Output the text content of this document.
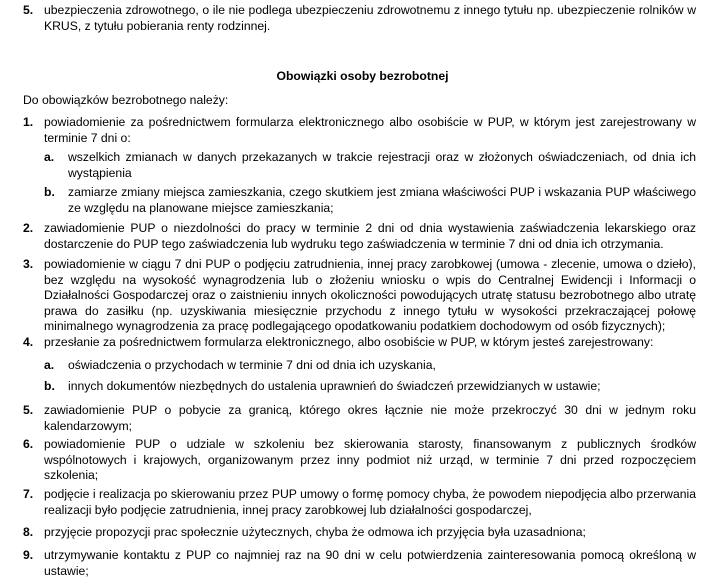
5. ubezpieczenia zdrowotnego, o ile nie podlega ubezpieczeniu zdrowotnemu z innego tytułu np. ubezpieczenie rolników w KRUS, z tytułu pobierania renty rodzinnej.
Obowiązki osoby bezrobotnej
Do obowiązków bezrobotnego należy:
1. powiadomienie za pośrednictwem formularza elektronicznego albo osobiście w PUP, w którym jest zarejestrowany w terminie 7 dni o:
a. wszelkich zmianach w danych przekazanych w trakcie rejestracji oraz w złożonych oświadczeniach, od dnia ich wystąpienia
b. zamiarze zmiany miejsca zamieszkania, czego skutkiem jest zmiana właściwości PUP i wskazania PUP właściwego ze względu na planowane miejsce zamieszkania;
2. zawiadomienie PUP o niezdolności do pracy w terminie 2 dni od dnia wystawienia zaświadczenia lekarskiego oraz dostarczenie do PUP tego zaświadczenia lub wydruku tego zaświadczenia w terminie 7 dni od dnia ich otrzymania.
3. powiadomienie w ciągu 7 dni PUP o podjęciu zatrudnienia, innej pracy zarobkowej (umowa - zlecenie, umowa o dzieło), bez względu na wysokość wynagrodzenia lub o złożeniu wniosku o wpis do Centralnej Ewidencji i Informacji o Działalności Gospodarczej oraz o zaistnieniu innych okoliczności powodujących utratę statusu bezrobotnego albo utratę prawa do zasiłku (np. uzyskiwania miesięcznie przychodu z innego tytułu w wysokości przekraczającej połowę minimalnego wynagrodzenia za pracę podlegającego opodatkowaniu podatkiem dochodowym od osób fizycznych);
4. przesłanie za pośrednictwem formularza elektronicznego, albo osobiście w PUP, w którym jesteś zarejestrowany:
a. oświadczenia o przychodach w terminie 7 dni od dnia ich uzyskania,
b. innych dokumentów niezbędnych do ustalenia uprawnień do świadczeń przewidzianych w ustawie;
5. zawiadomienie PUP o pobycie za granicą, którego okres łącznie nie może przekroczyć 30 dni w jednym roku kalendarzowym;
6. powiadomienie PUP o udziale w szkoleniu bez skierowania starosty, finansowanym z publicznych środków wspólnotowych i krajowych, organizowanym przez inny podmiot niż urząd, w terminie 7 dni przed rozpoczęciem szkolenia;
7. podjęcie i realizacja po skierowaniu przez PUP umowy o formę pomocy chyba, że powodem niepodjęcia albo przerwania realizacji było podjęcie zatrudnienia, innej pracy zarobkowej lub działalności gospodarczej,
8. przyjęcie propozycji prac społecznie użytecznych, chyba że odmowa ich przyjęcia była uzasadniona;
9. utrzymywanie kontaktu z PUP co najmniej raz na 90 dni w celu potwierdzenia zainteresowania pomocą określoną w ustawie;
